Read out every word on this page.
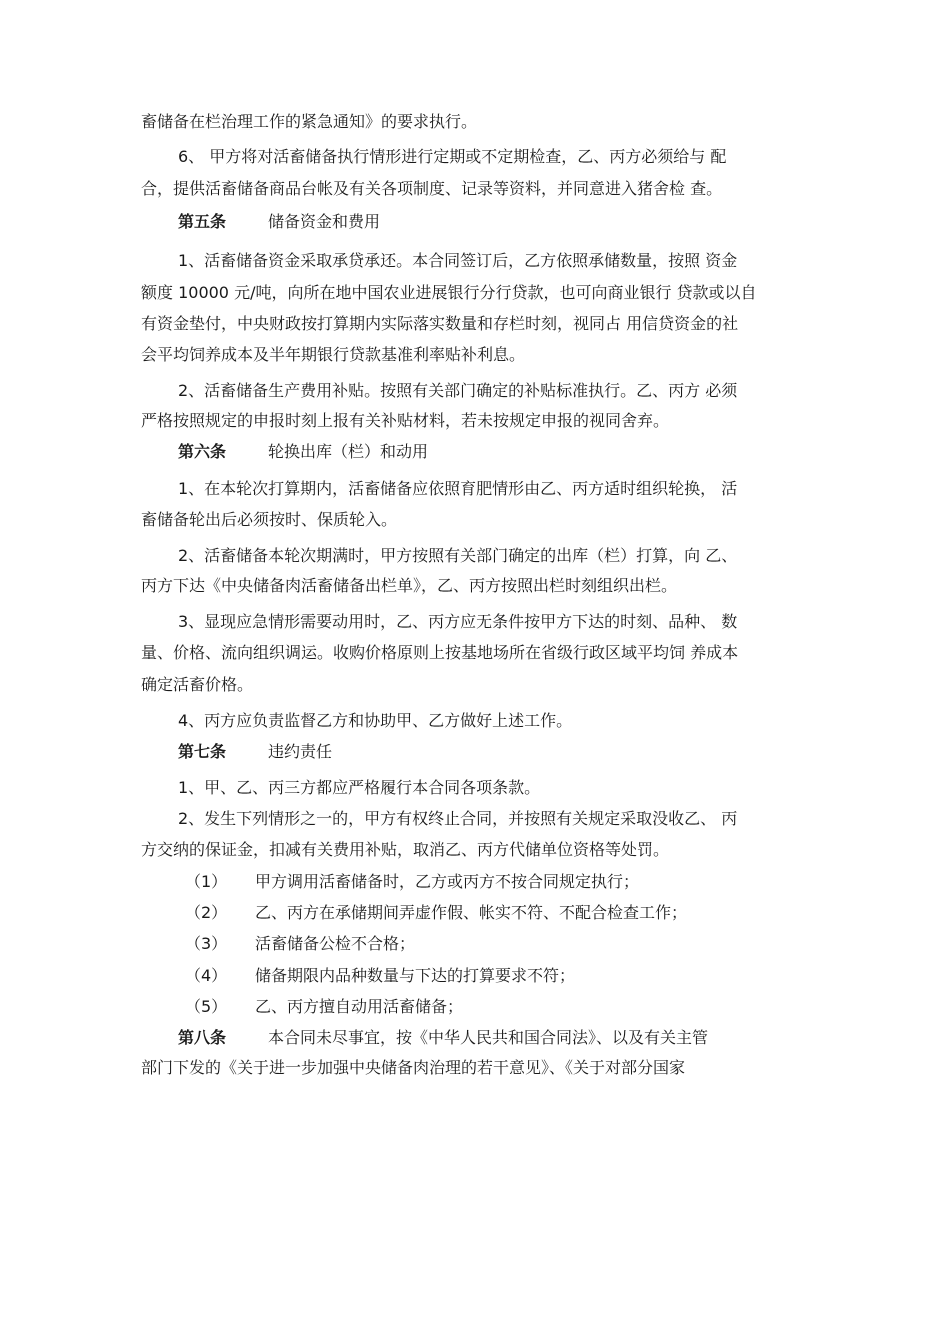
畜储备在栏治理工作的紧急通知》的要求执行。
6、 甲方将对活畜储备执行情形进行定期或不定期检查，乙、丙方必须给与 配
合，提供活畜储备商品台帐及有关各项制度、记录等资料，并同意进入猪舍检 查。
第五条	储备资金和费用
1、活畜储备资金采取承贷承还。本合同签订后，乙方依照承储数量，按照 资金
额度 10000 元/吨，向所在地中国农业进展银行分行贷款，也可向商业银行 贷款或以自
有资金垫付，中央财政按打算期内实际落实数量和存栏时刻，视同占 用信贷资金的社
会平均饲养成本及半年期银行贷款基准利率贴补利息。
2、活畜储备生产费用补贴。按照有关部门确定的补贴标准执行。乙、丙方 必须
严格按照规定的申报时刻上报有关补贴材料，若未按规定申报的视同舍弃。
第六条	轮换出库（栏）和动用
1、在本轮次打算期内，活畜储备应依照育肥情形由乙、丙方适时组织轮换， 活
畜储备轮出后必须按时、保质轮入。
2、活畜储备本轮次期满时，甲方按照有关部门确定的出库（栏）打算，向 乙、
丙方下达《中央储备肉活畜储备出栏单》，乙、丙方按照出栏时刻组织出栏。
3、显现应急情形需要动用时，乙、丙方应无条件按甲方下达的时刻、品种、 数
量、价格、流向组织调运。收购价格原则上按基地场所在省级行政区域平均饲 养成本
确定活畜价格。
4、丙方应负责监督乙方和协助甲、乙方做好上述工作。
第七条	违约责任
1、甲、乙、丙三方都应严格履行本合同各项条款。
2、发生下列情形之一的，甲方有权终止合同，并按照有关规定采取没收乙、 丙
方交纳的保证金，扣减有关费用补贴，取消乙、丙方代储单位资格等处罚。
（1） 甲方调用活畜储备时，乙方或丙方不按合同规定执行；
（2） 乙、丙方在承储期间弄虚作假、帐实不符、不配合检查工作；
（3） 活畜储备公检不合格；
（4） 储备期限内品种数量与下达的打算要求不符；
（5） 乙、丙方擅自动用活畜储备；
第八条	本合同未尽事宜，按《中华人民共和国合同法》、以及有关主管
部门下发的《关于进一步加强中央储备肉治理的若干意见》、《关于对部分国家
